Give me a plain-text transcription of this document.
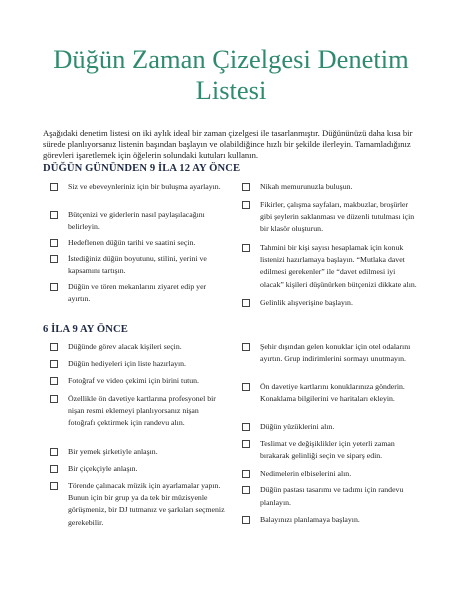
Düğün Zaman Çizelgesi Denetim
Listesi

Aşağıdaki denetim listesi on iki aylık ideal bir zaman çizelgesi ile tasarlanmıştır. Düğününüzü daha kısa bir sürede planlıyorsanız listenin başından başlayın ve olabildiğince hızlı bir şekilde ilerleyin. Tamamladığınız görevleri işaretlemek için öğelerin solundaki kutuları kullanın.

DÜĞÜN GÜNÜNDEN 9 İLA 12 AY ÖNCE
Siz ve ebeveynleriniz için bir buluşma ayarlayın.
Bütçenizi ve giderlerin nasıl paylaşılacağını belirleyin.
Hedeflenen düğün tarihi ve saatini seçin.
İstediğiniz düğün boyutunu, stilini, yerini ve kapsamını tartışın.
Düğün ve tören mekanlarını ziyaret edip yer ayırtın.
Nikah memurunuzla buluşun.
Fikirler, çalışma sayfaları, makbuzlar, broşürler gibi şeylerin saklanması ve düzenli tutulması için bir klasör oluşturun.
Tahmini bir kişi sayısı hesaplamak için konuk listenizi hazırlamaya başlayın. “Mutlaka davet edilmesi gerekenler” ile “davet edilmesi iyi olacak” kişileri düşünürken bütçenizi dikkate alın.
Gelinlik alışverişine başlayın.
6 İLA 9 AY ÖNCE
Düğünde görev alacak kişileri seçin.
Düğün hediyeleri için liste hazırlayın.
Fotoğraf ve video çekimi için birini tutun.
Özellikle ön davetiye kartlarına profesyonel bir nişan resmi eklemeyi planlıyorsanız nişan fotoğrafı çektirmek için randevu alın.
Bir yemek şirketiyle anlaşın.
Bir çiçekçiyle anlaşın.
Törende çalınacak müzik için ayarlamalar yapın. Bunun için bir grup ya da tek bir müzisyenle görüşmeniz, bir DJ tutmanız ve şarkıları seçmeniz gerekebilir.
Şehir dışından gelen konuklar için otel odalarını ayırtın. Grup indirimlerini sormayı unutmayın.
Ön davetiye kartlarını konuklarınıza gönderin. Konaklama bilgilerini ve haritaları ekleyin.
Düğün yüzüklerini alın.
Teslimat ve değişiklikler için yeterli zaman bırakarak gelinliği seçin ve siparş edin.
Nedimelerin elbiselerini alın.
Düğün pastası tasarımı ve tadımı için randevu planlayın.
Balayınızı planlamaya başlayın.
